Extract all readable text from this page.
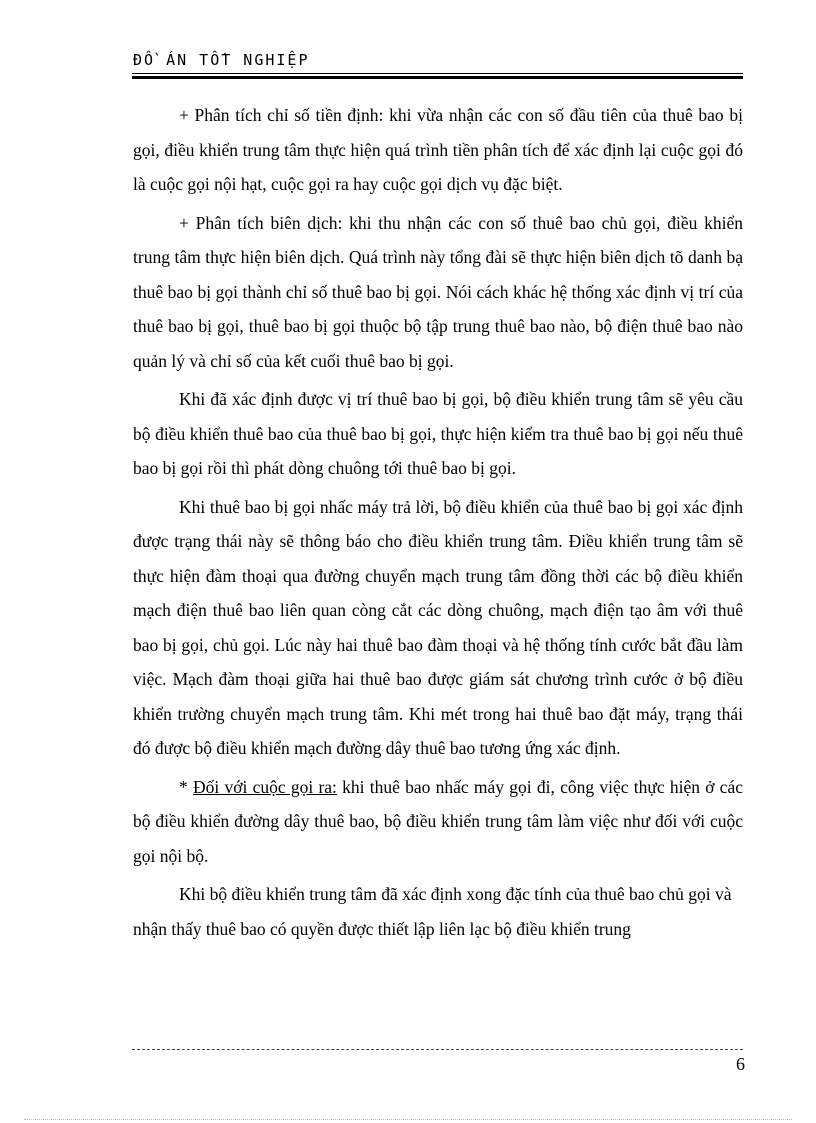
ĐỒ ÁN TỐT NGHIỆP

+ Phân tích chỉ số tiền định: khi vừa nhận các con số đầu tiên của thuê bao bị gọi, điều khiển trung tâm thực hiện quá trình tiền phân tích để xác định lại cuộc gọi đó là cuộc gọi nội hạt, cuộc gọi ra hay cuộc gọi dịch vụ đặc biệt.

+ Phân tích biên dịch: khi thu nhận các con số thuê bao chủ gọi, điều khiển trung tâm thực hiện biên dịch. Quá trình này tổng đài sẽ thực hiện biên dịch tõ danh bạ thuê bao bị gọi thành chỉ số thuê bao bị gọi. Nói cách khác hệ thống xác định vị trí của thuê bao bị gọi, thuê bao bị gọi thuộc bộ tập trung thuê bao nào, bộ điện thuê bao nào quản lý và chỉ số của kết cuối thuê bao bị gọi.

Khi đã xác định được vị trí thuê bao bị gọi, bộ điều khiển trung tâm sẽ yêu cầu bộ điều khiển thuê bao của thuê bao bị gọi, thực hiện kiểm tra thuê bao bị gọi nếu thuê bao bị gọi rồi thì phát dòng chuông tới thuê bao bị gọi.

Khi thuê bao bị gọi nhấc máy trả lời, bộ điều khiển của thuê bao bị gọi xác định được trạng thái này sẽ thông báo cho điều khiển trung tâm. Điều khiển trung tâm sẽ thực hiện đàm thoại qua đường chuyển mạch trung tâm đồng thời các bộ điều khiển mạch điện thuê bao liên quan còng cắt các dòng chuông, mạch điện tạo âm với thuê bao bị gọi, chủ gọi. Lúc này hai thuê bao đàm thoại và hệ thống tính cước bắt đầu làm việc. Mạch đàm thoại giữa hai thuê bao được giám sát chương trình cước ở bộ điều khiển trường chuyển mạch trung tâm. Khi mét trong hai thuê bao đặt máy, trạng thái đó được bộ điều khiển mạch đường dây thuê bao tương ứng xác định.

* Đối với cuộc gọi ra: khi thuê bao nhấc máy gọi đi, công việc thực hiện ở các bộ điều khiển đường dây thuê bao, bộ điều khiển trung tâm làm việc như đối với cuộc gọi nội bộ.

Khi bộ điều khiển trung tâm đã xác định xong đặc tính của thuê bao chủ gọi và nhận thấy thuê bao có quyền được thiết lập liên lạc bộ điều khiển trung

6
